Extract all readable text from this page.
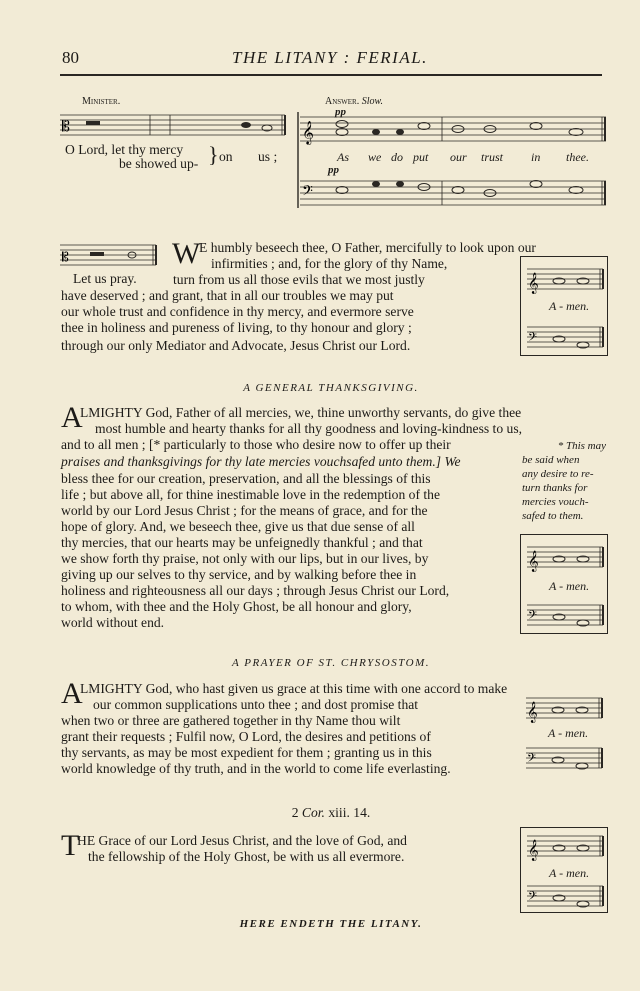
80	THE LITANY : FERIAL.
Minister.	Answer. Slow.
𝄡
O Lord, let thy mercy
be showed up- } on us ;
pp
𝄞
𝄢
pp
As we do put our trust in thee.
𝄡
Let us pray.
W
E humbly beseech thee, O Father, mercifully to look upon our
infirmities ; and, for the glory of thy Name,
turn from us all those evils that we most justly
have deserved ; and grant, that in all our troubles we may put
our whole trust and confidence in thy mercy, and evermore serve
thee in holiness and pureness of living, to thy honour and glory ;
through our only Mediator and Advocate, Jesus Christ our Lord.
𝄞
𝄢
A - men.
A GENERAL THANKSGIVING.
A
LMIGHTY God, Father of all mercies, we, thine unworthy servants, do give thee
most humble and hearty thanks for all thy goodness and loving-kindness to us,
and to all men ; [* particularly to those who desire now to offer up their
praises and thanksgivings for thy late mercies vouchsafed unto them.] We
bless thee for our creation, preservation, and all the blessings of this
life ; but above all, for thine inestimable love in the redemption of the
world by our Lord Jesus Christ ; for the means of grace, and for the
hope of glory. And, we beseech thee, give us that due sense of all
thy mercies, that our hearts may be unfeignedly thankful ; and that
we show forth thy praise, not only with our lips, but in our lives, by
giving up our selves to thy service, and by walking before thee in
holiness and righteousness all our days ; through Jesus Christ our Lord,
to whom, with thee and the Holy Ghost, be all honour and glory,
world without end.
* This may
be said when
any desire to re-
turn thanks for
mercies vouch-
safed to them.
𝄞
𝄢
A - men.
A PRAYER OF ST. CHRYSOSTOM.
A
LMIGHTY God, who hast given us grace at this time with one accord to make
our common supplications unto thee ; and dost promise that
when two or three are gathered together in thy Name thou wilt
grant their requests ; Fulfil now, O Lord, the desires and petitions of
thy servants, as may be most expedient for them ; granting us in this
world knowledge of thy truth, and in the world to come life everlasting.
𝄞
𝄢
A - men.
2 Cor. xiii. 14.
T
HE Grace of our Lord Jesus Christ, and the love of God, and
the fellowship of the Holy Ghost, be with us all evermore.	𝄞
𝄢
A - men.
HERE ENDETH THE LITANY.
